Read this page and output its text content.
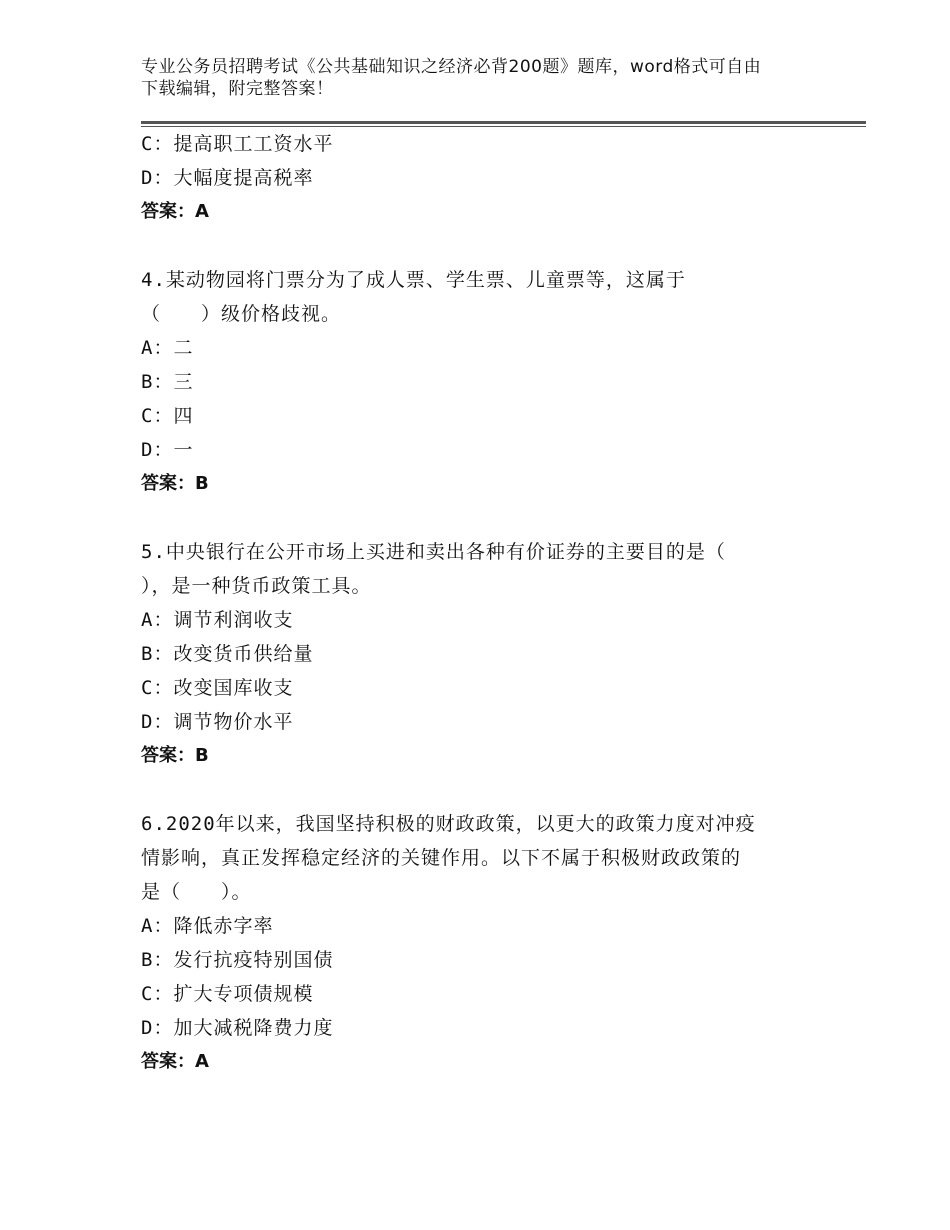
专业公务员招聘考试《公共基础知识之经济必背200题》题库，word格式可自由
下载编辑，附完整答案！
C：提高职工工资水平
D：大幅度提高税率
答案：A
4.某动物园将门票分为了成人票、学生票、儿童票等，这属于
（　　）级价格歧视。
A：二
B：三
C：四
D：一
答案：B
5.中央银行在公开市场上买进和卖出各种有价证券的主要目的是（
），是一种货币政策工具。
A：调节利润收支
B：改变货币供给量
C：改变国库收支
D：调节物价水平
答案：B
6.2020年以来，我国坚持积极的财政政策，以更大的政策力度对冲疫
情影响，真正发挥稳定经济的关键作用。以下不属于积极财政政策的
是（　　）。
A：降低赤字率
B：发行抗疫特别国债
C：扩大专项债规模
D：加大减税降费力度
答案：A
